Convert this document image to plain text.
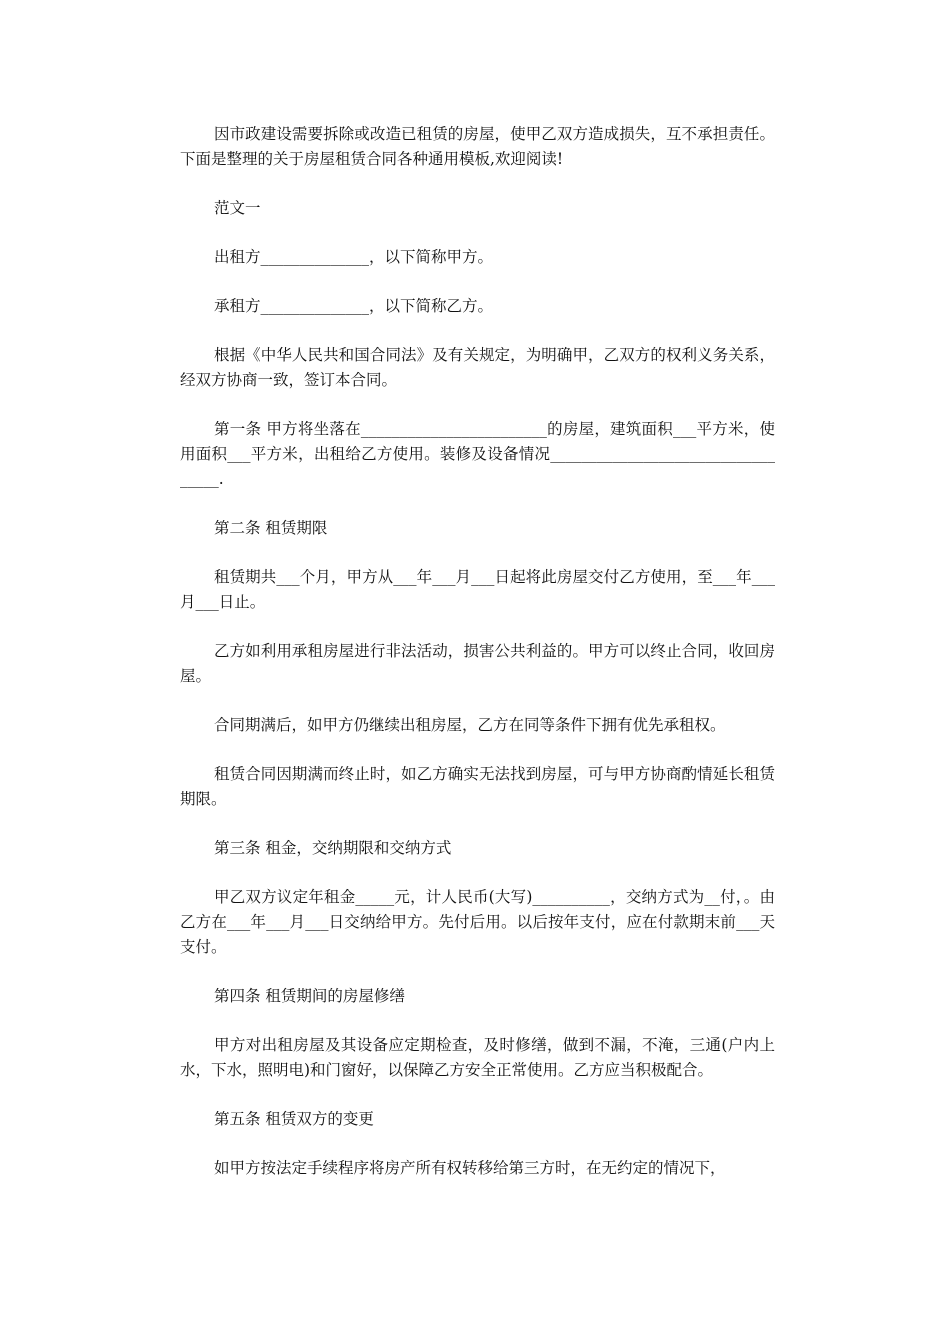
因市政建设需要拆除或改造已租赁的房屋，使甲乙双方造成损失，互不承担责任。下面是整理的关于房屋租赁合同各种通用模板,欢迎阅读!

范文一

出租方______________，以下简称甲方。

承租方______________，以下简称乙方。

根据《中华人民共和国合同法》及有关规定，为明确甲，乙双方的权利义务关系，经双方协商一致，签订本合同。

第一条 甲方将坐落在________________________的房屋，建筑面积___平方米，使用面积___平方米，出租给乙方使用。装修及设备情况__________________________________.

第二条 租赁期限

租赁期共___个月，甲方从___年___月___日起将此房屋交付乙方使用，至___年___月___日止。

乙方如利用承租房屋进行非法活动，损害公共利益的。甲方可以终止合同，收回房屋。

合同期满后，如甲方仍继续出租房屋，乙方在同等条件下拥有优先承租权。

租赁合同因期满而终止时，如乙方确实无法找到房屋，可与甲方协商酌情延长租赁期限。

第三条 租金，交纳期限和交纳方式

甲乙双方议定年租金_____元，计人民币(大写)__________，交纳方式为__付，。由乙方在___年___月___日交纳给甲方。先付后用。以后按年支付，应在付款期末前___天支付。

第四条 租赁期间的房屋修缮

甲方对出租房屋及其设备应定期检查，及时修缮，做到不漏，不淹，三通(户内上水，下水，照明电)和门窗好，以保障乙方安全正常使用。乙方应当积极配合。

第五条 租赁双方的变更

如甲方按法定手续程序将房产所有权转移给第三方时，在无约定的情况下，
